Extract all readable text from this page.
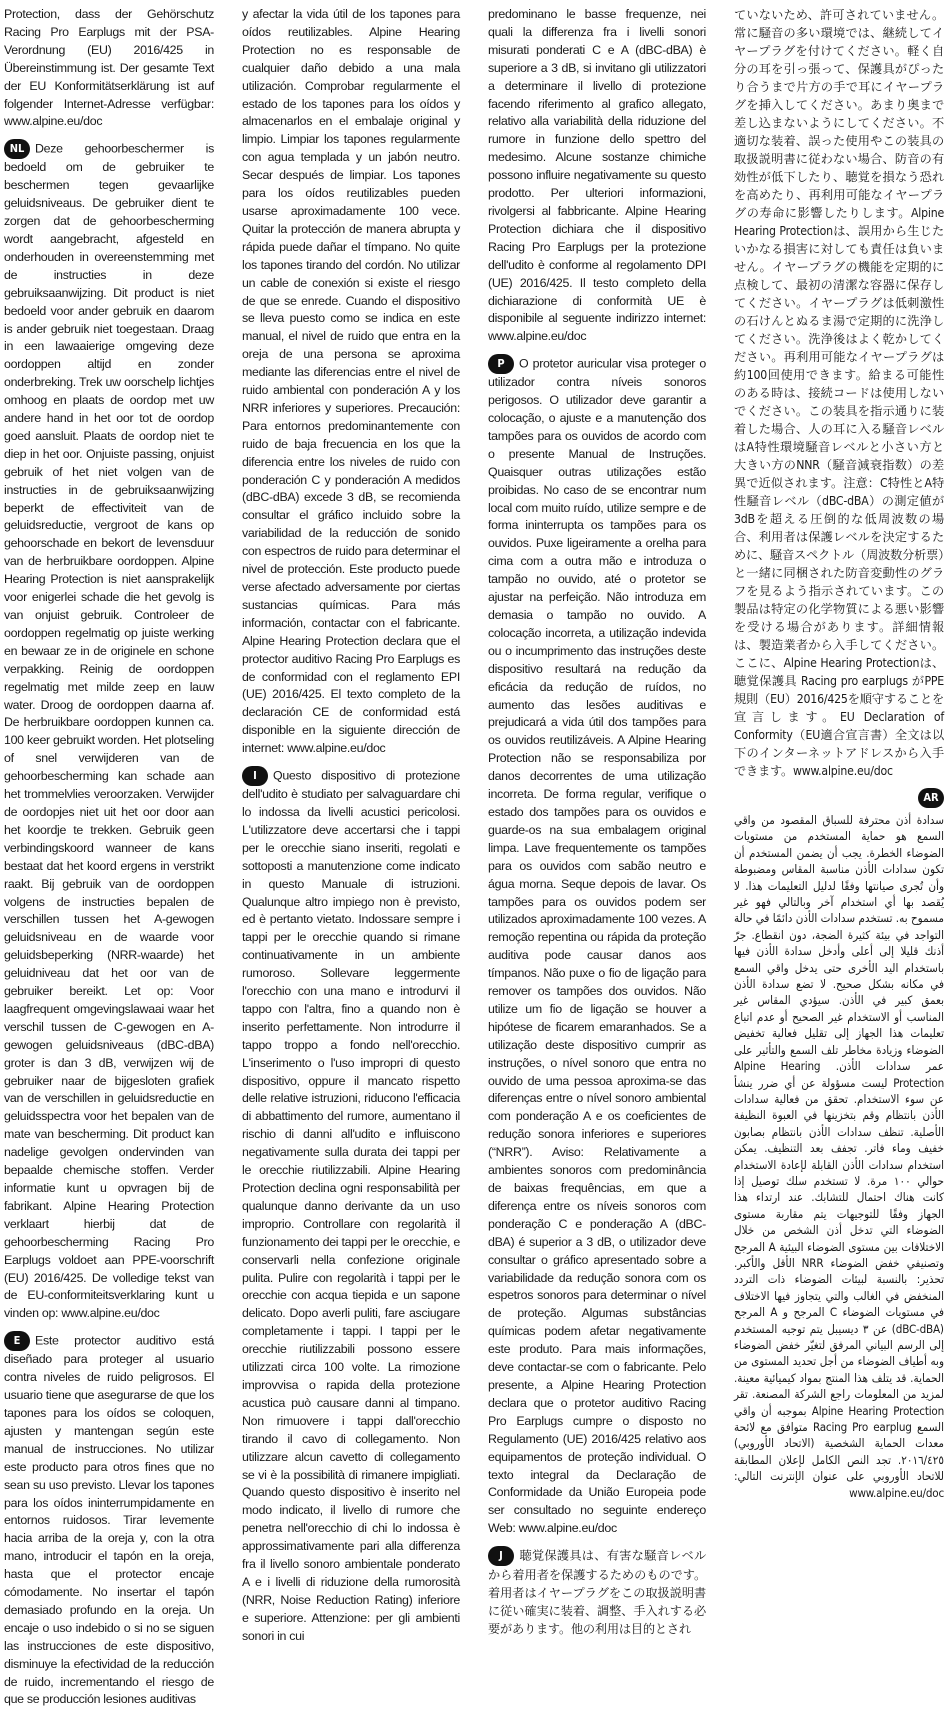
Protection, dass der Gehörschutz Racing Pro Earplugs mit der PSA-Verordnung (EU) 2016/425 in Übereinstimmung ist. Der gesamte Text der EU Konformitätserklärung ist auf folgender Internet-Adresse verfügbar: www.alpine.eu/doc

NL Deze gehoorbeschermer is bedoeld om de gebruiker te beschermen tegen gevaarlijke geluidsniveaus. De gebruiker dient te zorgen dat de gehoorbescherming wordt aangebracht, afgesteld en onderhouden in overeenstemming met de instructies in deze gebruiksaanwijzing. Dit product is niet bedoeld voor ander gebruik en daarom is ander gebruik niet toegestaan. Draag in een lawaaierige omgeving deze oordoppen altijd en zonder onderbreking. Trek uw oorschelp lichtjes omhoog en plaats de oordop met uw andere hand in het oor tot de oordop goed aansluit. Plaats de oordop niet te diep in het oor. Onjuiste passing, onjuist gebruik of het niet volgen van de instructies in de gebruiksaanwijzing beperkt de effectiviteit van de geluidsreductie, vergroot de kans op gehoorschade en bekort de levensduur van de herbruikbare oordoppen. Alpine Hearing Protection is niet aansprakelijk voor enigerlei schade die het gevolg is van onjuist gebruik. Controleer de oordoppen regelmatig op juiste werking en bewaar ze in de originele en schone verpakking. Reinig de oordoppen regelmatig met milde zeep en lauw water. Droog de oordoppen daarna af. De herbruikbare oordoppen kunnen ca. 100 keer gebruikt worden. Het plotseling of snel verwijderen van de gehoorbescherming kan schade aan het trommelvlies veroorzaken. Verwijder de oordopjes niet uit het oor door aan het koordje te trekken. Gebruik geen verbindingskoord wanneer de kans bestaat dat het koord ergens in verstrikt raakt. Bij gebruik van de oordoppen volgens de instructies bepalen de verschillen tussen het A-gewogen geluidsniveau en de waarde voor geluidsbeperking (NRR-waarde) het geluidniveau dat het oor van de gebruiker bereikt. Let op: Voor laagfrequent omgevingslawaai waar het verschil tussen de C-gewogen en A-gewogen geluidsniveaus (dBC-dBA) groter is dan 3 dB, verwijzen wij de gebruiker naar de bijgesloten grafiek van de verschillen in geluidsreductie en geluidsspectra voor het bepalen van de mate van bescherming. Dit product kan nadelige gevolgen ondervinden van bepaalde chemische stoffen. Verder informatie kunt u opvragen bij de fabrikant. Alpine Hearing Protection verklaart hierbij dat de gehoorbescherming Racing Pro Earplugs voldoet aan PPE-voorschrift (EU) 2016/425. De volledige tekst van de EU-conformiteitsverklaring kunt u vinden op: www.alpine.eu/doc

E Este protector auditivo está diseñado para proteger al usuario contra niveles de ruido peligrosos. El usuario tiene que asegurarse de que los tapones para los oídos se coloquen, ajusten y mantengan según este manual de instrucciones. No utilizar este producto para otros fines que no sean su uso previsto. Llevar los tapones para los oídos ininterrumpidamente en entornos ruidosos. Tirar levemente hacia arriba de la oreja y, con la otra mano, introducir el tapón en la oreja, hasta que el protector encaje cómodamente. No insertar el tapón demasiado profundo en la oreja. Un encaje o uso indebido o si no se siguen las instrucciones de este dispositivo, disminuye la efectividad de la reducción de ruido, incrementando el riesgo de que se producción lesiones auditivas

y afectar la vida útil de los tapones para oídos reutilizables. Alpine Hearing Protection no es responsable de cualquier daño debido a una mala utilización. Comprobar regularmente el estado de los tapones para los oídos y almacenarlos en el embalaje original y limpio. Limpiar los tapones regularmente con agua templada y un jabón neutro. Secar después de limpiar. Los tapones para los oídos reutilizables pueden usarse aproximadamente 100 vece. Quitar la protección de manera abrupta y rápida puede dañar el tímpano. No quite los tapones tirando del cordón. No utilizar un cable de conexión si existe el riesgo de que se enrede. Cuando el dispositivo se lleva puesto como se indica en este manual, el nivel de ruido que entra en la oreja de una persona se aproxima mediante las diferencias entre el nivel de ruido ambiental con ponderación A y los NRR inferiores y superiores. Precaución: Para entornos predominantemente con ruido de baja frecuencia en los que la diferencia entre los niveles de ruido con ponderación C y ponderación A medidos (dBC-dBA) excede 3 dB, se recomienda consultar el gráfico incluido sobre la variabilidad de la reducción de sonido con espectros de ruido para determinar el nivel de protección. Este producto puede verse afectado adversamente por ciertas sustancias químicas. Para más información, contactar con el fabricante. Alpine Hearing Protection declara que el protector auditivo Racing Pro Earplugs es de conformidad con el reglamento EPI (UE) 2016/425. El texto completo de la declaración CE de conformidad está disponible en la siguiente dirección de internet: www.alpine.eu/doc

I Questo dispositivo di protezione dell'udito è studiato per salvaguardare chi lo indossa da livelli acustici pericolosi. L'utilizzatore deve accertarsi che i tappi per le orecchie siano inseriti, regolati e sottoposti a manutenzione come indicato in questo Manuale di istruzioni. Qualunque altro impiego non è previsto, ed è pertanto vietato. Indossare sempre i tappi per le orecchie quando si rimane continuativamente in un ambiente rumoroso. Sollevare leggermente l'orecchio con una mano e introdurvi il tappo con l'altra, fino a quando non è inserito perfettamente. Non introdurre il tappo troppo a fondo nell'orecchio. L'inserimento o l'uso impropri di questo dispositivo, oppure il mancato rispetto delle relative istruzioni, riducono l'efficacia di abbattimento del rumore, aumentano il rischio di danni all'udito e influiscono negativamente sulla durata dei tappi per le orecchie riutilizzabili. Alpine Hearing Protection declina ogni responsabilità per qualunque danno derivante da un uso improprio. Controllare con regolarità il funzionamento dei tappi per le orecchie, e conservarli nella confezione originale pulita. Pulire con regolarità i tappi per le orecchie con acqua tiepida e un sapone delicato. Dopo averli puliti, fare asciugare completamente i tappi. I tappi per le orecchie riutilizzabili possono essere utilizzati circa 100 volte. La rimozione improvvisa o rapida della protezione acustica può causare danni al timpano. Non rimuovere i tappi dall'orecchio tirando il cavo di collegamento. Non utilizzare alcun cavetto di collegamento se vi è la possibilità di rimanere impigliati. Quando questo dispositivo è inserito nel modo indicato, il livello di rumore che penetra nell'orecchio di chi lo indossa è approssimativamente pari alla differenza fra il livello sonoro ambientale ponderato A e i livelli di riduzione della rumorosità (NRR, Noise Reduction Rating) inferiore e superiore. Attenzione: per gli ambienti sonori in cui

predominano le basse frequenze, nei quali la differenza fra i livelli sonori misurati ponderati C e A (dBC-dBA) è superiore a 3 dB, si invitano gli utilizzatori a determinare il livello di protezione facendo riferimento al grafico allegato, relativo alla variabilità della riduzione del rumore in funzione dello spettro del medesimo. Alcune sostanze chimiche possono influire negativamente su questo prodotto. Per ulteriori informazioni, rivolgersi al fabbricante. Alpine Hearing Protection dichiara che il dispositivo Racing Pro Earplugs per la protezione dell'udito è conforme al regolamento DPI (UE) 2016/425. Il testo completo della dichiarazione di conformità UE è disponibile al seguente indirizzo internet: www.alpine.eu/doc

P O protetor auricular visa proteger o utilizador contra níveis sonoros perigosos. O utilizador deve garantir a colocação, o ajuste e a manutenção dos tampões para os ouvidos de acordo com o presente Manual de Instruções. Quaisquer outras utilizações estão proibidas. No caso de se encontrar num local com muito ruído, utilize sempre e de forma ininterrupta os tampões para os ouvidos. Puxe ligeiramente a orelha para cima com a outra mão e introduza o tampão no ouvido, até o protetor se ajustar na perfeição. Não introduza em demasia o tampão no ouvido. A colocação incorreta, a utilização indevida ou o incumprimento das instruções deste dispositivo resultará na redução da eficácia da redução de ruídos, no aumento das lesões auditivas e prejudicará a vida útil dos tampões para os ouvidos reutilizáveis. A Alpine Hearing Protection não se responsabiliza por danos decorrentes de uma utilização incorreta. De forma regular, verifique o estado dos tampões para os ouvidos e guarde-os na sua embalagem original limpa. Lave frequentemente os tampões para os ouvidos com sabão neutro e água morna. Seque depois de lavar. Os tampões para os ouvidos podem ser utilizados aproximadamente 100 vezes. A remoção repentina ou rápida da proteção auditiva pode causar danos aos tímpanos. Não puxe o fio de ligação para remover os tampões dos ouvidos. Não utilize um fio de ligação se houver a hipótese de ficarem emaranhados. Se a utilização deste dispositivo cumprir as instruções, o nível sonoro que entra no ouvido de uma pessoa aproxima-se das diferenças entre o nível sonoro ambiental com ponderação A e os coeficientes de redução sonora inferiores e superiores (“NRR”). Aviso: Relativamente a ambientes sonoros com predominância de baixas frequências, em que a diferença entre os níveis sonoros com ponderação C e ponderação A (dBC-dBA) é superior a 3 dB, o utilizador deve consultar o gráfico apresentado sobre a variabilidade da redução sonora com os espetros sonoros para determinar o nível de proteção. Algumas substâncias químicas podem afetar negativamente este produto. Para mais informações, deve contactar-se com o fabricante. Pelo presente, a Alpine Hearing Protection declara que o protetor auditivo Racing Pro Earplugs cumpre o disposto no Regulamento (UE) 2016/425 relativo aos equipamentos de proteção individual. O texto integral da Declaração de Conformidade da União Europeia pode ser consultado no seguinte endereço Web: www.alpine.eu/doc

J 聴覚保護具は、有害な騒音レベルから着用者を保護するためのものです。着用者はイヤープラグをこの取扱説明書に従い確実に装着、調整、手入れする必要があります。他の利用は目的とされ

ていないため、許可されていません。常に騒音の多い環境では、継続してイヤープラグを付けてください。軽く自分の耳を引っ張って、保護具がぴったり合うまで片方の手で耳にイヤープラグを挿入してください。あまり奥まで差し込まないようにしてください。不適切な装着、誤った使用やこの装具の取扱説明書に従わない場合、防音の有効性が低下したり、聴覚を損なう恐れを高めたり、再利用可能なイヤープラグの寿命に影響したりします。Alpine Hearing Protectionは、誤用から生じたいかなる損害に対しても責任は負いません。イヤープラグの機能を定期的に点検して、最初の清潔な容器に保存してください。イヤープラグは低刺激性の石けんとぬるま湯で定期的に洗浄してください。洗浄後はよく乾かしてください。再利用可能なイヤープラグは約100回使用できます。給まる可能性のある時は、接続コードは使用しないでください。この装具を指示通りに装着した場合、人の耳に入る騒音レベルはA特性環境騒音レベルと小さい方と大きい方のNNR（騒音減衰指数）の差異で近似されます。注意：C特性とA特性騒音レベル（dBC-dBA）の測定値が3dBを超える圧倒的な低周波数の場合、利用者は保護レベルを決定するために、騒音スペクトル（周波数分析票）と一緒に同梱された防音変動性のグラフを見るよう指示されています。この製品は特定の化学物質による悪い影響を受ける場合があります。詳細情報は、製造業者から入手してください。ここに、Alpine Hearing Protectionは、聴覚保護具 Racing pro earplugs がPPE規則（EU）2016/425を順守することを宣言します。EU Declaration of Conformity（EU適合宣言書）全文は以下のインターネットアドレスから入手できます。www.alpine.eu/doc

AR

سدادة أذن محترفة للسباق المقصود من واقي السمع هو حماية المستخدم من مستويات الضوضاء الخطرة. يجب أن يضمن المستخدم أن تكون سدادات الأذن مناسبة المقاس ومضبوطة وأن تُجرى صيانتها وفقًا لدليل التعليمات هذا. لا يُقصد بها أي استخدام آخر وبالتالي فهو غير مسموح به. تستخدم سدادات الأذن دائمًا في حالة التواجد في بيئة كثيرة الضجة، دون انقطاع. جرّ أذنك قليلا إلى أعلى وأدخل سدادة الأذن فيها باستخدام اليد الأخرى حتى يدخل واقي السمع في مكانه بشكل صحيح. لا تضع سدادة الأذن بعمق كبير في الأذن. سيؤدي المقاس غير المناسب أو الاستخدام غير الصحيح أو عدم اتباع تعليمات هذا الجهاز إلى تقليل فعالية تخفيض الضوضاء وزيادة مخاطر تلف السمع والتأثير على عمر سدادات الأذن. Alpine Hearing Protection ليست مسؤولة عن أي ضرر ينشأ عن سوء الاستخدام. تحقق من فعالية سدادات الأذن بانتظام وقم بتخزينها في العبوة النظيفة الأصلية. تنظف سدادات الأذن بانتظام بصابون خفيف وماء فاتر. تجفف بعد التنظيف. يمكن استخدام سدادات الأذن القابلة لإعادة الاستخدام حوالي ١٠٠ مرة. لا تستخدم سلك توصيل إذا كانت هناك احتمال للتشابك. عند ارتداء هذا الجهاز وفقًا للتوجيهات يتم مقاربة مستوى الضوضاء التي تدخل أذن الشخص من خلال الاختلافات بين مستوى الضوضاء البيئية A المرجح وتصنيفي خفض الضوضاء NRR الأقل والأكبر. تحذير: بالنسبة لبيئات الضوضاء ذات التردد المنخفض في الغالب والتي يتجاوز فيها الاختلاف في مستويات الضوضاء C المرجح و A المرجح (dBC-dBA) عن ٣ ديسيبل يتم توجيه المستخدم إلى الرسم البياني المرفق لتغيّر خفض الضوضاء وبه أطياف الضوضاء من أجل تحديد المستوى من الحماية. قد يتلف هذا المنتج بمواد كيميائية معينة. لمزيد من المعلومات راجع الشركة المصنعة. تقر Alpine Hearing Protection بموجبه أن واقي السمع Racing Pro earplug متوافق مع لائحة معدات الحماية الشخصية (الاتحاد الأوروبي) ٢٠١٦/٤٢٥. تجد النص الكامل لإعلان المطابقة للاتحاد الأوروبي على عنوان الإنترنت التالي: www.alpine.eu/doc
